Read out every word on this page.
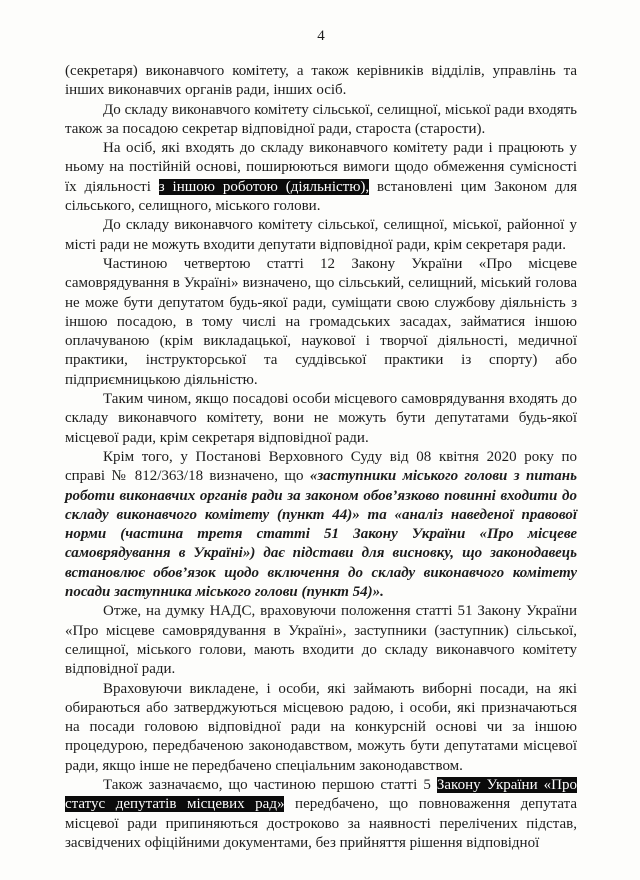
4

(секретаря) виконавчого комітету, а також керівників відділів, управлінь та інших виконавчих органів ради, інших осіб.

До складу виконавчого комітету сільської, селищної, міської ради входять також за посадою секретар відповідної ради, староста (старости).

На осіб, які входять до складу виконавчого комітету ради і працюють у ньому на постійній основі, поширюються вимоги щодо обмеження сумісності їх діяльності з іншою роботою (діяльністю), встановлені цим Законом для сільського, селищного, міського голови.

До складу виконавчого комітету сільської, селищної, міської, районної у місті ради не можуть входити депутати відповідної ради, крім секретаря ради.

Частиною четвертою статті 12 Закону України «Про місцеве самоврядування в Україні» визначено, що сільський, селищний, міський голова не може бути депутатом будь-якої ради, суміщати свою службову діяльність з іншою посадою, в тому числі на громадських засадах, займатися іншою оплачуваною (крім викладацької, наукової і творчої діяльності, медичної практики, інструкторської та суддівської практики із спорту) або підприємницькою діяльністю.

Таким чином, якщо посадові особи місцевого самоврядування входять до складу виконавчого комітету, вони не можуть бути депутатами будь-якої місцевої ради, крім секретаря відповідної ради.

Крім того, у Постанові Верховного Суду від 08 квітня 2020 року по справі № 812/363/18 визначено, що «заступники міського голови з питань роботи виконавчих органів ради за законом обов’язково повинні входити до складу виконавчого комітету (пункт 44)» та «аналіз наведеної правової норми (частина третя статті 51 Закону України «Про місцеве самоврядування в Україні») дає підстави для висновку, що законодавець встановлює обов’язок щодо включення до складу виконавчого комітету посади заступника міського голови (пункт 54)».

Отже, на думку НАДС, враховуючи положення статті 51 Закону України «Про місцеве самоврядування в Україні», заступники (заступник) сільської, селищної, міського голови, мають входити до складу виконавчого комітету відповідної ради.

Враховуючи викладене, і особи, які займають виборні посади, на які обираються або затверджуються місцевою радою, і особи, які призначаються на посади головою відповідної ради на конкурсній основі чи за іншою процедурою, передбаченою законодавством, можуть бути депутатами місцевої ради, якщо інше не передбачено спеціальним законодавством.

Також зазначаємо, що частиною першою статті 5 Закону України «Про статус депутатів місцевих рад» передбачено, що повноваження депутата місцевої ради припиняються достроково за наявності перелічених підстав, засвідчених офіційними документами, без прийняття рішення відповідної
